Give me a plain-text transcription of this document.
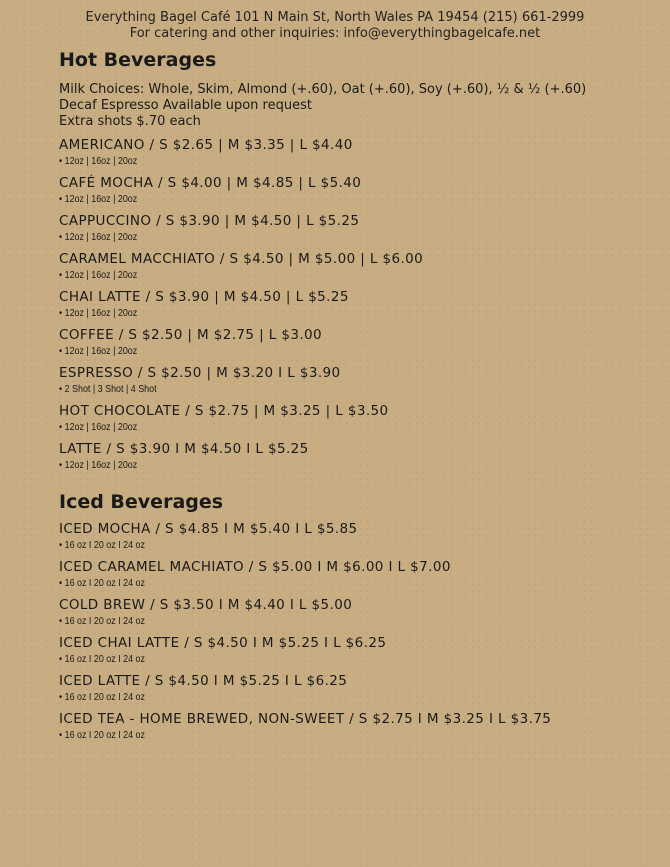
Everything Bagel Café 101 N Main St, North Wales PA 19454 (215) 661-2999
For catering and other inquiries: info@everythingbagelcafe.net
Hot Beverages
Milk Choices: Whole, Skim, Almond (+.60), Oat (+.60), Soy (+.60), ½ & ½ (+.60)
Decaf Espresso Available upon request
Extra shots $.70 each
AMERICANO / S $2.65 | M $3.35 | L $4.40
• 12oz | 16oz | 20oz
CAFÉ MOCHA / S $4.00 | M $4.85 | L $5.40
• 12oz | 16oz | 20oz
CAPPUCCINO / S $3.90 | M $4.50 | L $5.25
• 12oz | 16oz | 20oz
CARAMEL MACCHIATO / S $4.50 | M $5.00 | L $6.00
• 12oz | 16oz | 20oz
CHAI LATTE / S $3.90 | M $4.50 | L $5.25
• 12oz | 16oz | 20oz
COFFEE / S $2.50 | M $2.75 | L $3.00
• 12oz | 16oz | 20oz
ESPRESSO / S $2.50 | M $3.20 I L $3.90
• 2 Shot | 3 Shot | 4 Shot
HOT CHOCOLATE / S $2.75 | M $3.25 | L $3.50
• 12oz | 16oz | 20oz
LATTE / S $3.90 I M $4.50 I L $5.25
• 12oz | 16oz | 20oz
Iced Beverages
ICED MOCHA / S $4.85 I M $5.40 I L $5.85
• 16 oz I 20 oz I 24 oz
ICED CARAMEL MACHIATO / S $5.00 I M $6.00 I L $7.00
• 16 oz I 20 oz I 24 oz
COLD BREW / S $3.50 I M $4.40 I L $5.00
• 16 oz I 20 oz I 24 oz
ICED CHAI LATTE / S $4.50 I M $5.25 I L $6.25
• 16 oz I 20 oz I 24 oz
ICED LATTE / S $4.50 I M $5.25 I L $6.25
• 16 oz I 20 oz I 24 oz
ICED TEA - HOME BREWED, NON-SWEET / S $2.75 I M $3.25 I L $3.75
• 16 oz I 20 oz I 24 oz
